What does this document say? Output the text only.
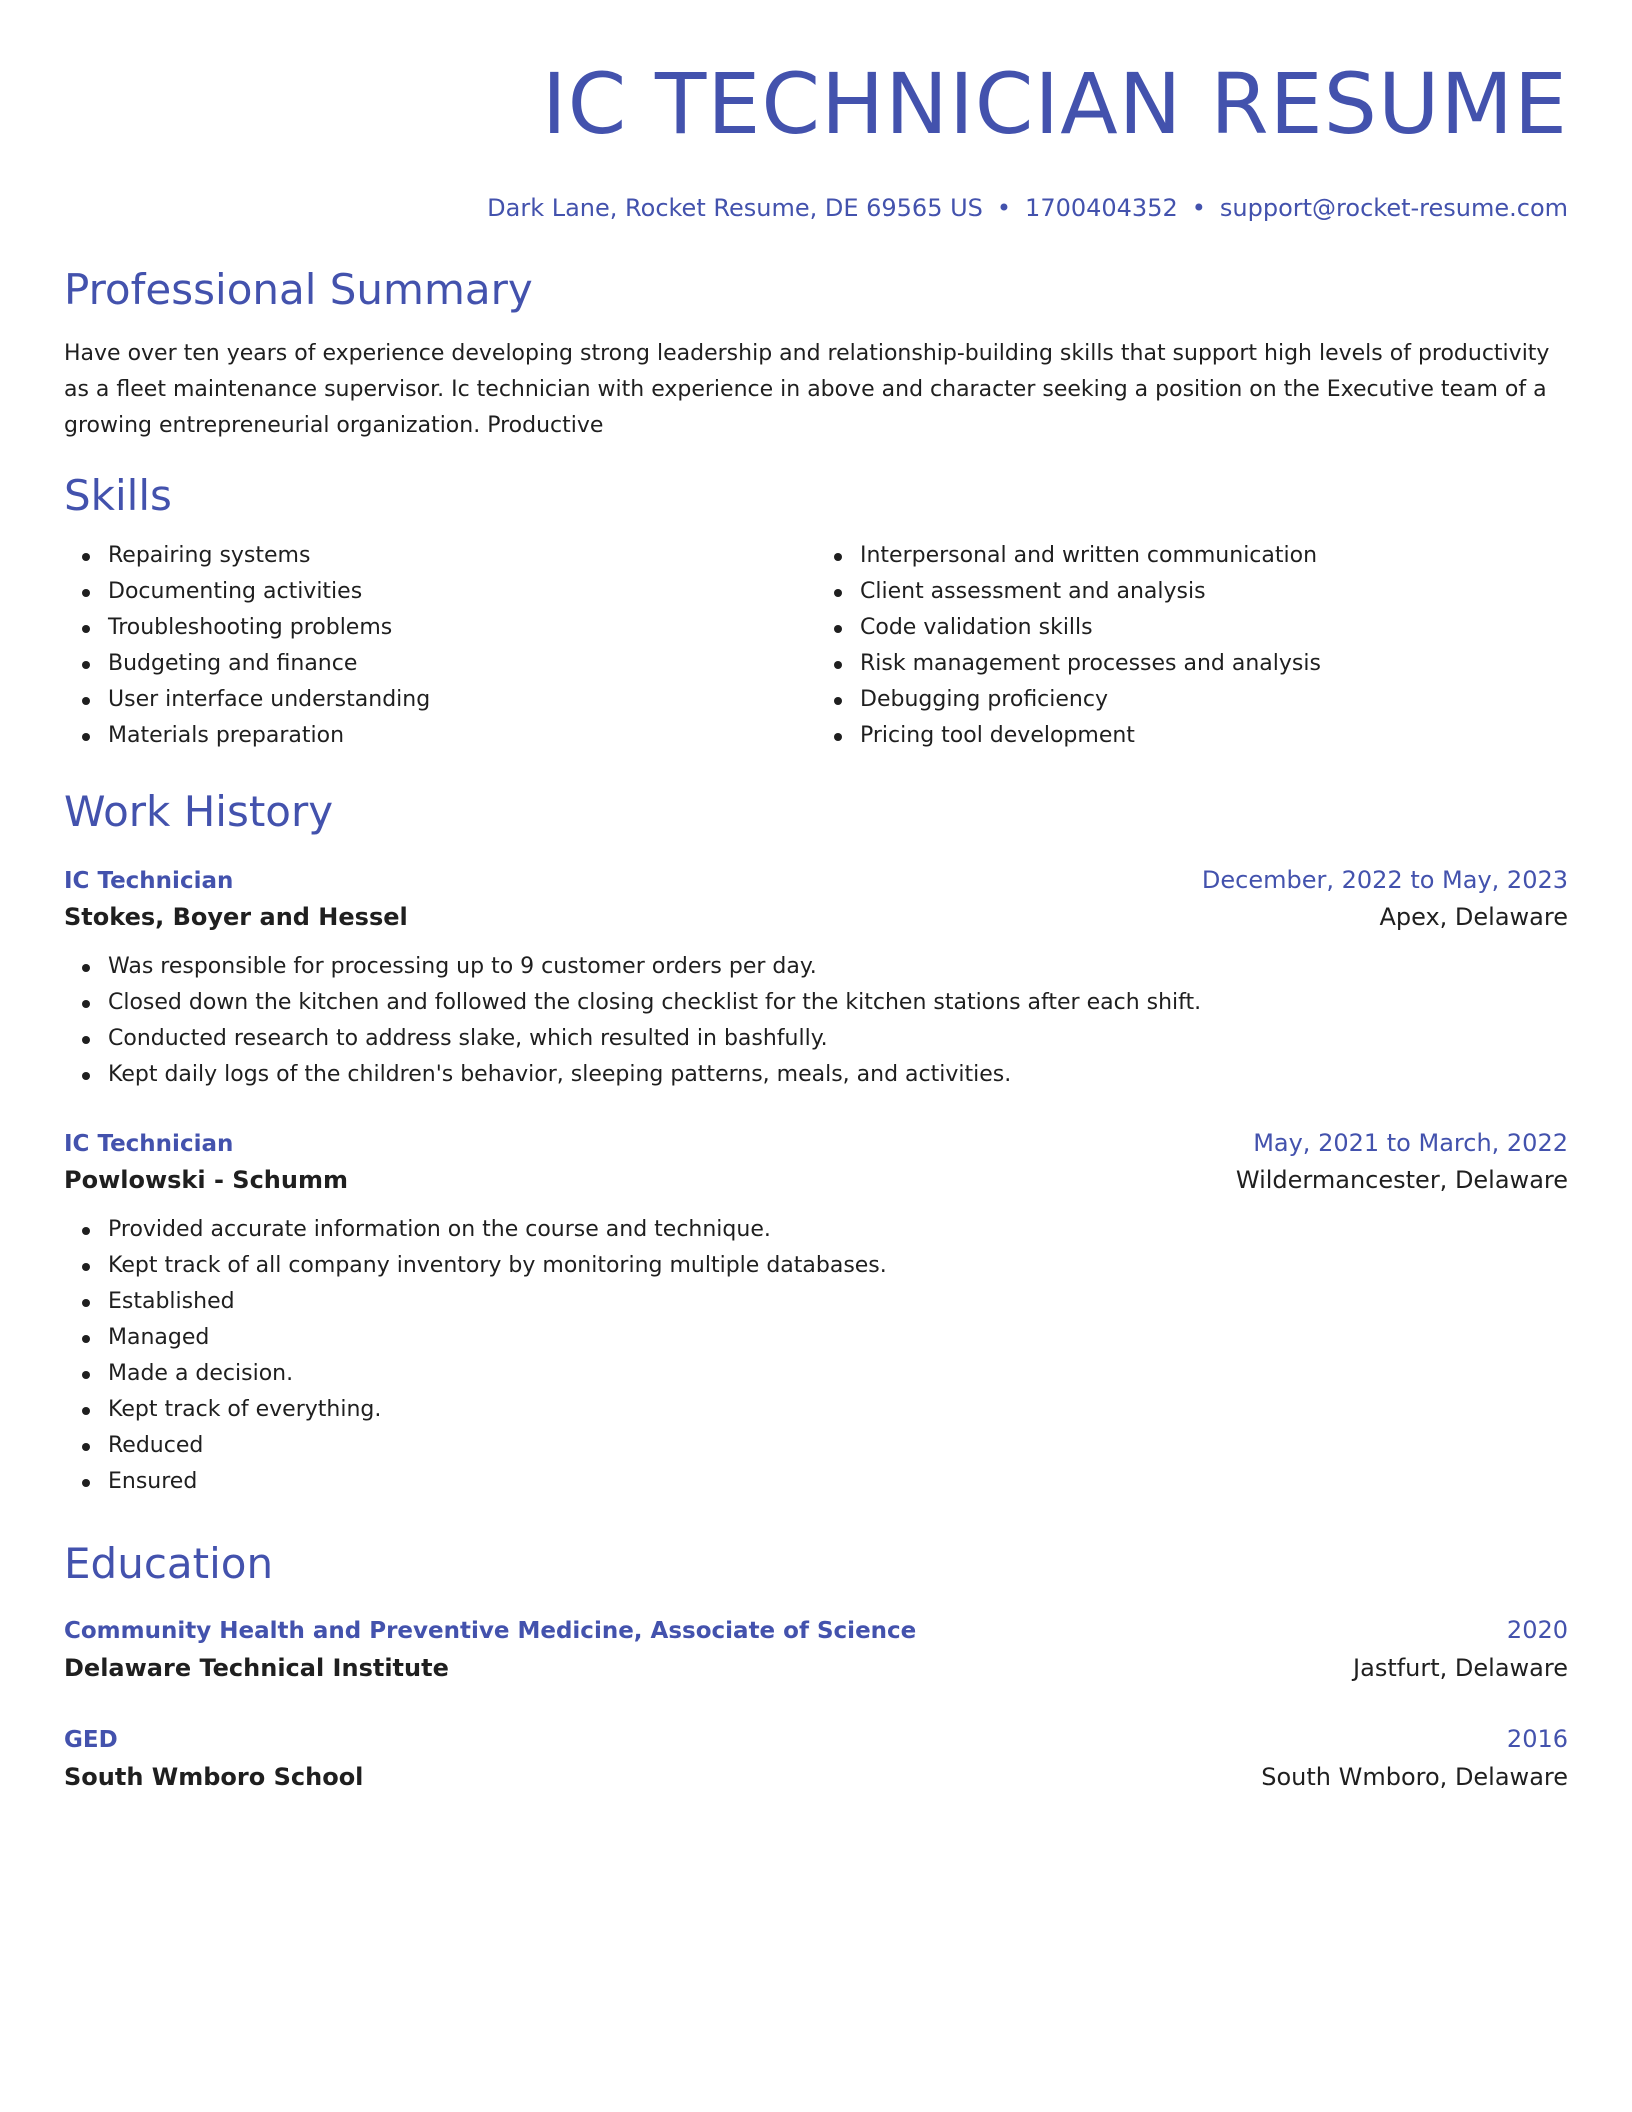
IC TECHNICIAN RESUME
Dark Lane, Rocket Resume, DE 69565 US • 1700404352 • support@rocket-resume.com
Professional Summary

Have over ten years of experience developing strong leadership and relationship-building skills that support high levels of productivity as a fleet maintenance supervisor. Ic technician with experience in above and character seeking a position on the Executive team of a growing entrepreneurial organization. Productive

Skills
Repairing systems
Documenting activities
Troubleshooting problems
Budgeting and finance
User interface understanding
Materials preparation
Interpersonal and written communication
Client assessment and analysis
Code validation skills
Risk management processes and analysis
Debugging proficiency
Pricing tool development
Work History
IC Technician	December, 2022 to May, 2023
Stokes, Boyer and Hessel	Apex, Delaware
Was responsible for processing up to 9 customer orders per day.
Closed down the kitchen and followed the closing checklist for the kitchen stations after each shift.
Conducted research to address slake, which resulted in bashfully.
Kept daily logs of the children's behavior, sleeping patterns, meals, and activities.
IC Technician	May, 2021 to March, 2022
Powlowski - Schumm	Wildermancester, Delaware
Provided accurate information on the course and technique.
Kept track of all company inventory by monitoring multiple databases.
Established
Managed
Made a decision.
Kept track of everything.
Reduced
Ensured
Education
Community Health and Preventive Medicine, Associate of Science	2020
Delaware Technical Institute	Jastfurt, Delaware
GED	2016
South Wmboro School	South Wmboro, Delaware
